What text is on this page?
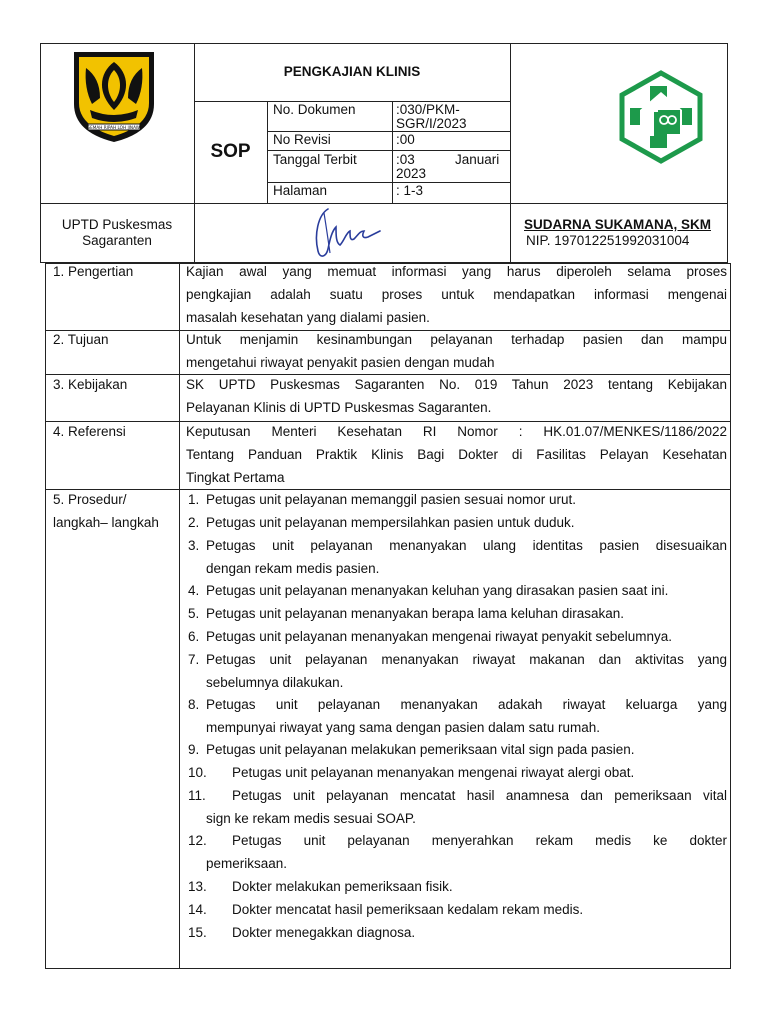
GEMAH RIPAH LOH JINAWI
PENGKAJIAN KLINIS
SOP
No. Dokumen	:030/PKM-
SGR/I/2023
No Revisi	:00
Tanggal Terbit	:03	Januari
2023
Halaman	: 1-3
UPTD Puskesmas
Sagaranten
SUDARNA SUKAMANA, SKM
NIP. 197012251992031004
1. Pengertian	Kajian awal yang memuat informasi yang harus diperoleh selama proses
pengkajian adalah suatu proses untuk mendapatkan informasi mengenai
masalah kesehatan yang dialami pasien.
2. Tujuan	Untuk menjamin kesinambungan pelayanan terhadap pasien dan mampu
mengetahui riwayat penyakit pasien dengan mudah
3. Kebijakan	SK UPTD Puskesmas Sagaranten No. 019 Tahun 2023 tentang Kebijakan
Pelayanan Klinis di UPTD Puskesmas Sagaranten.
4. Referensi	Keputusan Menteri Kesehatan RI Nomor : HK.01.07/MENKES/1186/2022
Tentang Panduan Praktik Klinis Bagi Dokter di Fasilitas Pelayan Kesehatan
Tingkat Pertama
5. Prosedur/
langkah– langkah
1. Petugas unit pelayanan memanggil pasien sesuai nomor urut.
2. Petugas unit pelayanan mempersilahkan pasien untuk duduk.
3. Petugas unit pelayanan menanyakan ulang identitas pasien disesuaikan
dengan rekam medis pasien.
4. Petugas unit pelayanan menanyakan keluhan yang dirasakan pasien saat ini.
5. Petugas unit pelayanan menanyakan berapa lama keluhan dirasakan.
6. Petugas unit pelayanan menanyakan mengenai riwayat penyakit sebelumnya.
7. Petugas unit pelayanan menanyakan riwayat makanan dan aktivitas yang
sebelumnya dilakukan.
8. Petugas unit pelayanan menanyakan adakah riwayat keluarga yang
mempunyai riwayat yang sama dengan pasien dalam satu rumah.
9. Petugas unit pelayanan melakukan pemeriksaan vital sign pada pasien.
10. Petugas unit pelayanan menanyakan mengenai riwayat alergi obat.
11. Petugas unit pelayanan mencatat hasil anamnesa dan pemeriksaan vital
sign ke rekam medis sesuai SOAP.
12. Petugas unit pelayanan menyerahkan rekam medis ke dokter
pemeriksaan.
13. Dokter melakukan pemeriksaan fisik.
14. Dokter mencatat hasil pemeriksaan kedalam rekam medis.
15. Dokter menegakkan diagnosa.
